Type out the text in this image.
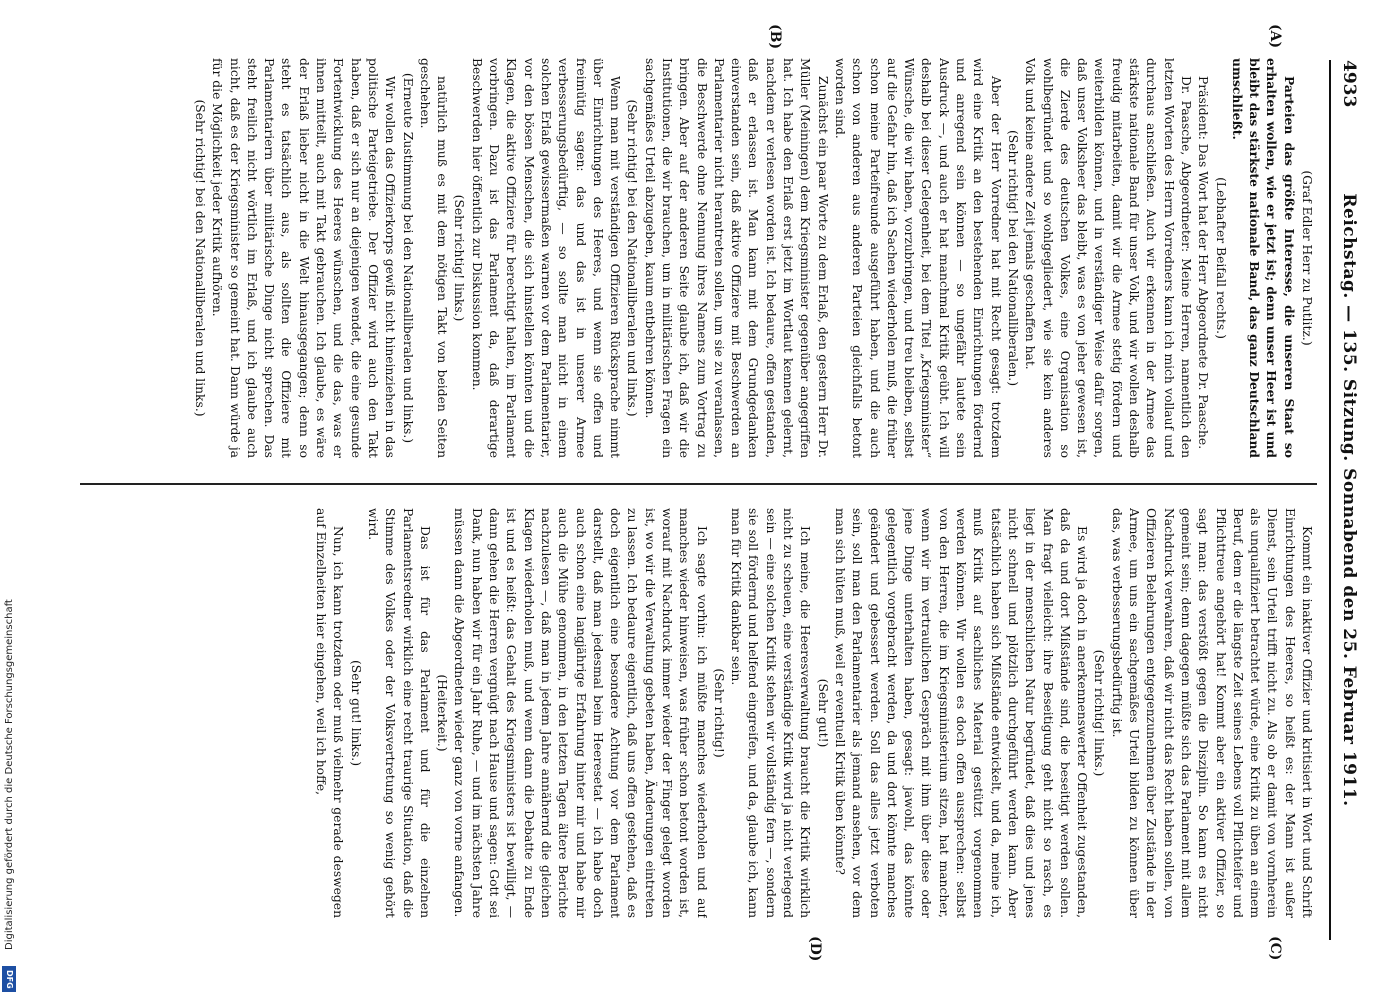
4933
Reichstag. — 135. Sitzung. Sonnabend den 25. Februar 1911.
(C)
(D)
(A)
(B)

(Graf Edler Herr zu Putlitz.)

Parteien das größte Interesse, die unseren Staat so erhalten wollen, wie er jetzt ist; denn unser Heer ist und bleibt das stärkste nationale Band, das ganz Deutschland umschließt.

(Lebhafter Beifall rechts.)

Präsident: Das Wort hat der Herr Abgeordnete Dr. Paasche.

Dr. Paasche, Abgeordneter: Meine Herren, namentlich den letzten Worten des Herrn Vorredners kann ich mich vollauf und durchaus anschließen. Auch wir erkennen in der Armee das stärkste nationale Band für unser Volk, und wir wollen deshalb freudig mitarbeiten, damit wir die Armee stetig fördern und weiterbilden können, und in verständiger Weise dafür sorgen, daß unser Volksheer das bleibt, was es von jeher gewesen ist, die Zierde des deutschen Volkes, eine Organisation so wohlbegründet und so wohlgegliedert, wie sie kein anderes Volk und keine andere Zeit jemals geschaffen hat.

(Sehr richtig! bei den Nationalliberalen.)

Aber der Herr Vorredner hat mit Recht gesagt: trotzdem wird eine Kritik an den bestehenden Einrichtungen fördernd und anregend sein können — so ungefähr lautete sein Ausdruck —, und auch er hat manchmal Kritik geübt. Ich will deshalb bei dieser Gelegenheit, bei dem Titel „Kriegsminister“ Wünsche, die wir haben, vorzubringen, und treu bleiben, selbst auf die Gefahr hin, daß ich Sachen wiederholen muß, die früher schon meine Parteifreunde ausgeführt haben, und die auch schon von anderen aus anderen Parteien gleichfalls betont worden sind.

Zunächst ein paar Worte zu dem Erlaß, den gestern Herr Dr. Müller (Meiningen) dem Kriegsminister gegenüber angegriffen hat. Ich habe den Erlaß erst jetzt im Wortlaut kennen gelernt, nachdem er verlesen worden ist. Ich bedaure, offen gestanden, daß er erlassen ist. Man kann mit dem Grundgedanken einverstanden sein, daß aktive Offiziere mit Beschwerden an Parlamentarier nicht herantreten sollen, um sie zu veranlassen, die Beschwerde ohne Nennung ihres Namens zum Vortrag zu bringen. Aber auf der anderen Seite glaube ich, daß wir die Institutionen, die wir brauchen, um in militärischen Fragen ein sachgemäßes Urteil abzugeben, kaum entbehren können.

(Sehr richtig! bei den Nationalliberalen und links.)

Wenn man mit verständigen Offizieren Rücksprache nimmt über Einrichtungen des Heeres, und wenn sie offen und freimütig sagen: das und das ist in unserer Armee verbesserungsbedürftig, — so sollte man nicht in einem solchen Erlaß gewissermaßen warnen vor dem Parlamentarier, vor den bösen Menschen, die sich hinstellen könnten und die Klagen, die aktive Offiziere für berechtigt halten, im Parlament vorbringen. Dazu ist das Parlament da, daß derartige Beschwerden hier öffentlich zur Diskussion kommen.

(Sehr richtig! links.)

natürlich muß es mit dem nötigen Takt von beiden Seiten geschehen.

(Erneute Zustimmung bei den Nationalliberalen und links.)

Wir wollen das Offizierkorps gewiß nicht hineinziehen in das politische Parteigetriebe. Der Offizier wird auch den Takt haben, daß er sich nur an diejenigen wendet, die eine gesunde Fortentwicklung des Heeres wünschen, und die das, was er ihnen mitteilt, auch mit Takt gebrauchen. Ich glaube, es wäre der Erlaß lieber nicht in die Welt hinausgegangen; denn so steht es tatsächlich aus, als sollten die Offiziere mit Parlamentariern über militärische Dinge nicht sprechen. Das steht freilich nicht wörtlich im Erlaß, und ich glaube auch nicht, daß es der Kriegsminister so gemeint hat. Dann würde ja für die Möglichkeit jeder Kritik aufhören.

(Sehr richtig! bei den Nationalliberalen und links.)

Kommt ein inaktiver Offizier und kritisiert in Wort und Schrift Einrichtungen des Heeres, so heißt es: der Mann ist außer Dienst, sein Urteil trifft nicht zu. Als ob er damit von vornherein als unqualifiziert betrachtet würde, eine Kritik zu üben an einem Beruf, dem er die längste Zeit seines Lebens voll Pflichteifer und Pflichttreue angehört hat! Kommt aber ein aktiver Offizier, so sagt man: das verstößt gegen die Disziplin. So kann es nicht gemeint sein; denn dagegen müßte sich das Parlament mit allem Nachdruck verwahren, daß wir nicht das Recht haben sollen, von Offizieren Belehrungen entgegenzunehmen über Zustände in der Armee, um uns ein sachgemäßes Urteil bilden zu können über das, was verbesserungsbedürftig ist.

(Sehr richtig! links.)

Es wird ja doch in anerkennenswerter Offenheit zugestanden, daß da und dort Mißstände sind, die beseitigt werden sollen. Man fragt vielleicht: ihre Beseitigung geht nicht so rasch, es liegt in der menschlichen Natur begründet, daß dies und jenes nicht schnell und plötzlich durchgeführt werden kann. Aber tatsächlich haben sich Mißstände entwickelt, und da, meine ich, muß Kritik auf sachliches Material gestützt vorgenommen werden können. Wir wollen es doch offen aussprechen: selbst von den Herren, die im Kriegsministerium sitzen, hat mancher, wenn wir im vertraulichen Gespräch mit ihm über diese oder jene Dinge unterhalten haben, gesagt: jawohl, das könnte gelegentlich vorgebracht werden, da und dort könnte manches geändert und gebessert werden. Soll das alles jetzt verboten sein, soll man den Parlamentarier als jemand ansehen, vor dem man sich hüten muß, weil er eventuell Kritik üben könnte?

(Sehr gut!)

Ich meine, die Heeresverwaltung braucht die Kritik wirklich nicht zu scheuen, eine verständige Kritik wird ja nicht verlegend sein — eine solchen Kritik stehen wir vollständig fern —, sondern sie soll fördernd und helfend eingreifen, und da, glaube ich, kann man für Kritik dankbar sein.

(Sehr richtig!)

Ich sagte vorhin: ich müßte manches wiederholen und auf manches wieder hinweisen, was früher schon betont worden ist, worauf mit Nachdruck immer wieder der Finger gelegt worden ist, wo wir die Verwaltung gebeten haben, Änderungen eintreten zu lassen. Ich bedaure eigentlich, daß uns offen gestehen, daß es doch eigentlich eine besondere Achtung vor dem Parlament darstellt, daß man jedesmal beim Heeresetat — ich habe doch auch schon eine langjährige Erfahrung hinter mir und habe mir auch die Mühe genommen, in den letzten Tagen ältere Berichte nachzulesen —, daß man in jedem Jahre annähernd die gleichen Klagen wiederholen muß, und wenn dann die Debatte zu Ende ist und es heißt: das Gehalt des Kriegsministers ist bewilligt, — dann gehen die Herren vergnügt nach Hause und sagen: Gott sei Dank, nun haben wir für ein Jahr Ruhe, — und im nächsten Jahre müssen dann die Abgeordneten wieder ganz von vorne anfangen.

(Heiterkeit.)

Das ist für das Parlament und für die einzelnen Parlamentsredner wirklich eine recht traurige Situation, daß die Stimme des Volkes oder der Volksvertretung so wenig gehört wird.

(Sehr gut! links.)

Nun, ich kann trotzdem oder muß vielmehr gerade deswegen auf Einzelheiten hier eingehen, weil ich hoffe,

Digitalisierung gefördert durch die Deutsche Forschungsgemeinschaft
DFG
